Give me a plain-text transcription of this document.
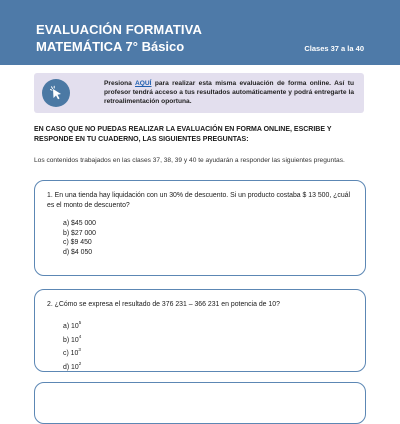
EVALUACIÓN FORMATIVA
MATEMÁTICA 7° Básico	Clases 37 a la 40
Presiona AQUÍ para realizar esta misma evaluación de forma online. Así tu profesor tendrá acceso a tus resultados automáticamente y podrá entregarte la retroalimentación oportuna.
EN CASO QUE NO PUEDAS REALIZAR LA EVALUACIÓN EN FORMA ONLINE, ESCRIBE Y RESPONDE EN TU CUADERNO, LAS SIGUIENTES PREGUNTAS:
Los contenidos trabajados en las clases 37, 38, 39 y 40 te ayudarán a responder las siguientes preguntas.
1. En una tienda hay liquidación con un 30% de descuento. Si un producto costaba $ 13 500, ¿cuál es el monto de descuento?
a) $45 000
b) $27 000
c) $9 450
d) $4 050
2. ¿Cómo se expresa el resultado de 376 231 – 366 231 en potencia de 10?
a) $10^5$
b) $10^4$
c) $10^3$
d) $10^2$
